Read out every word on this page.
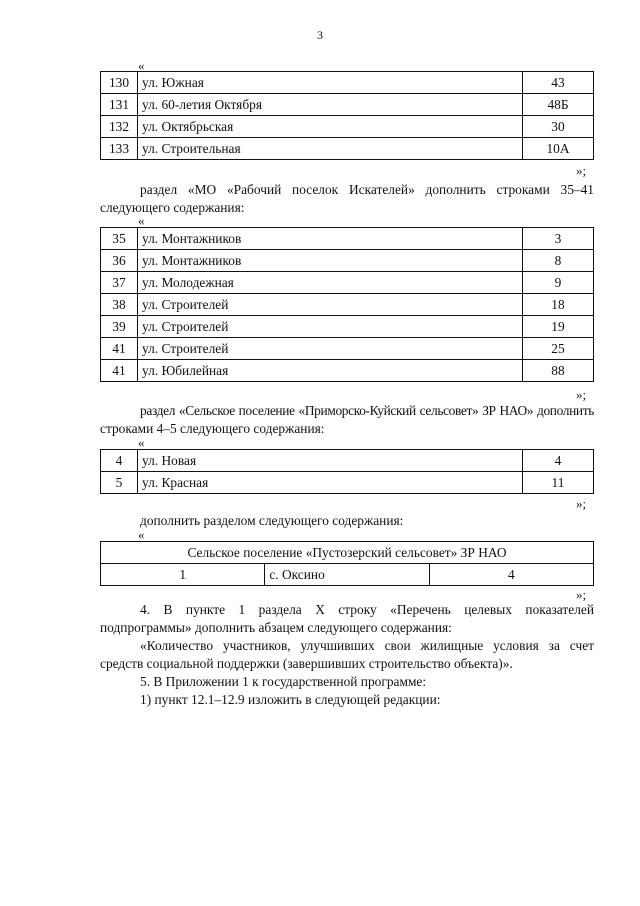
3
«
130	ул. Южная	43
131	ул. 60-летия Октября	48Б
132	ул. Октябрьская	30
133	ул. Строительная	10А
»;
раздел «МО «Рабочий поселок Искателей» дополнить строками 35–41
следующего содержания:
«
35	ул. Монтажников	3
36	ул. Монтажников	8
37	ул. Молодежная	9
38	ул. Строителей	18
39	ул. Строителей	19
41	ул. Строителей	25
41	ул. Юбилейная	88
»;
раздел «Сельское поселение «Приморско-Куйский сельсовет» ЗР НАО» дополнить
строками 4–5 следующего содержания:
«
4	ул. Новая	4
5	ул. Красная	11
»;
дополнить разделом следующего содержания:
«
Сельское поселение «Пустозерский сельсовет» ЗР НАО
1	с. Оксино	4
»;
4. В пункте 1 раздела X строку «Перечень целевых показателей
подпрограммы» дополнить абзацем следующего содержания:
«Количество участников, улучшивших свои жилищные условия за счет
средств социальной поддержки (завершивших строительство объекта)».
5. В Приложении 1 к государственной программе:
1) пункт 12.1–12.9 изложить в следующей редакции:
